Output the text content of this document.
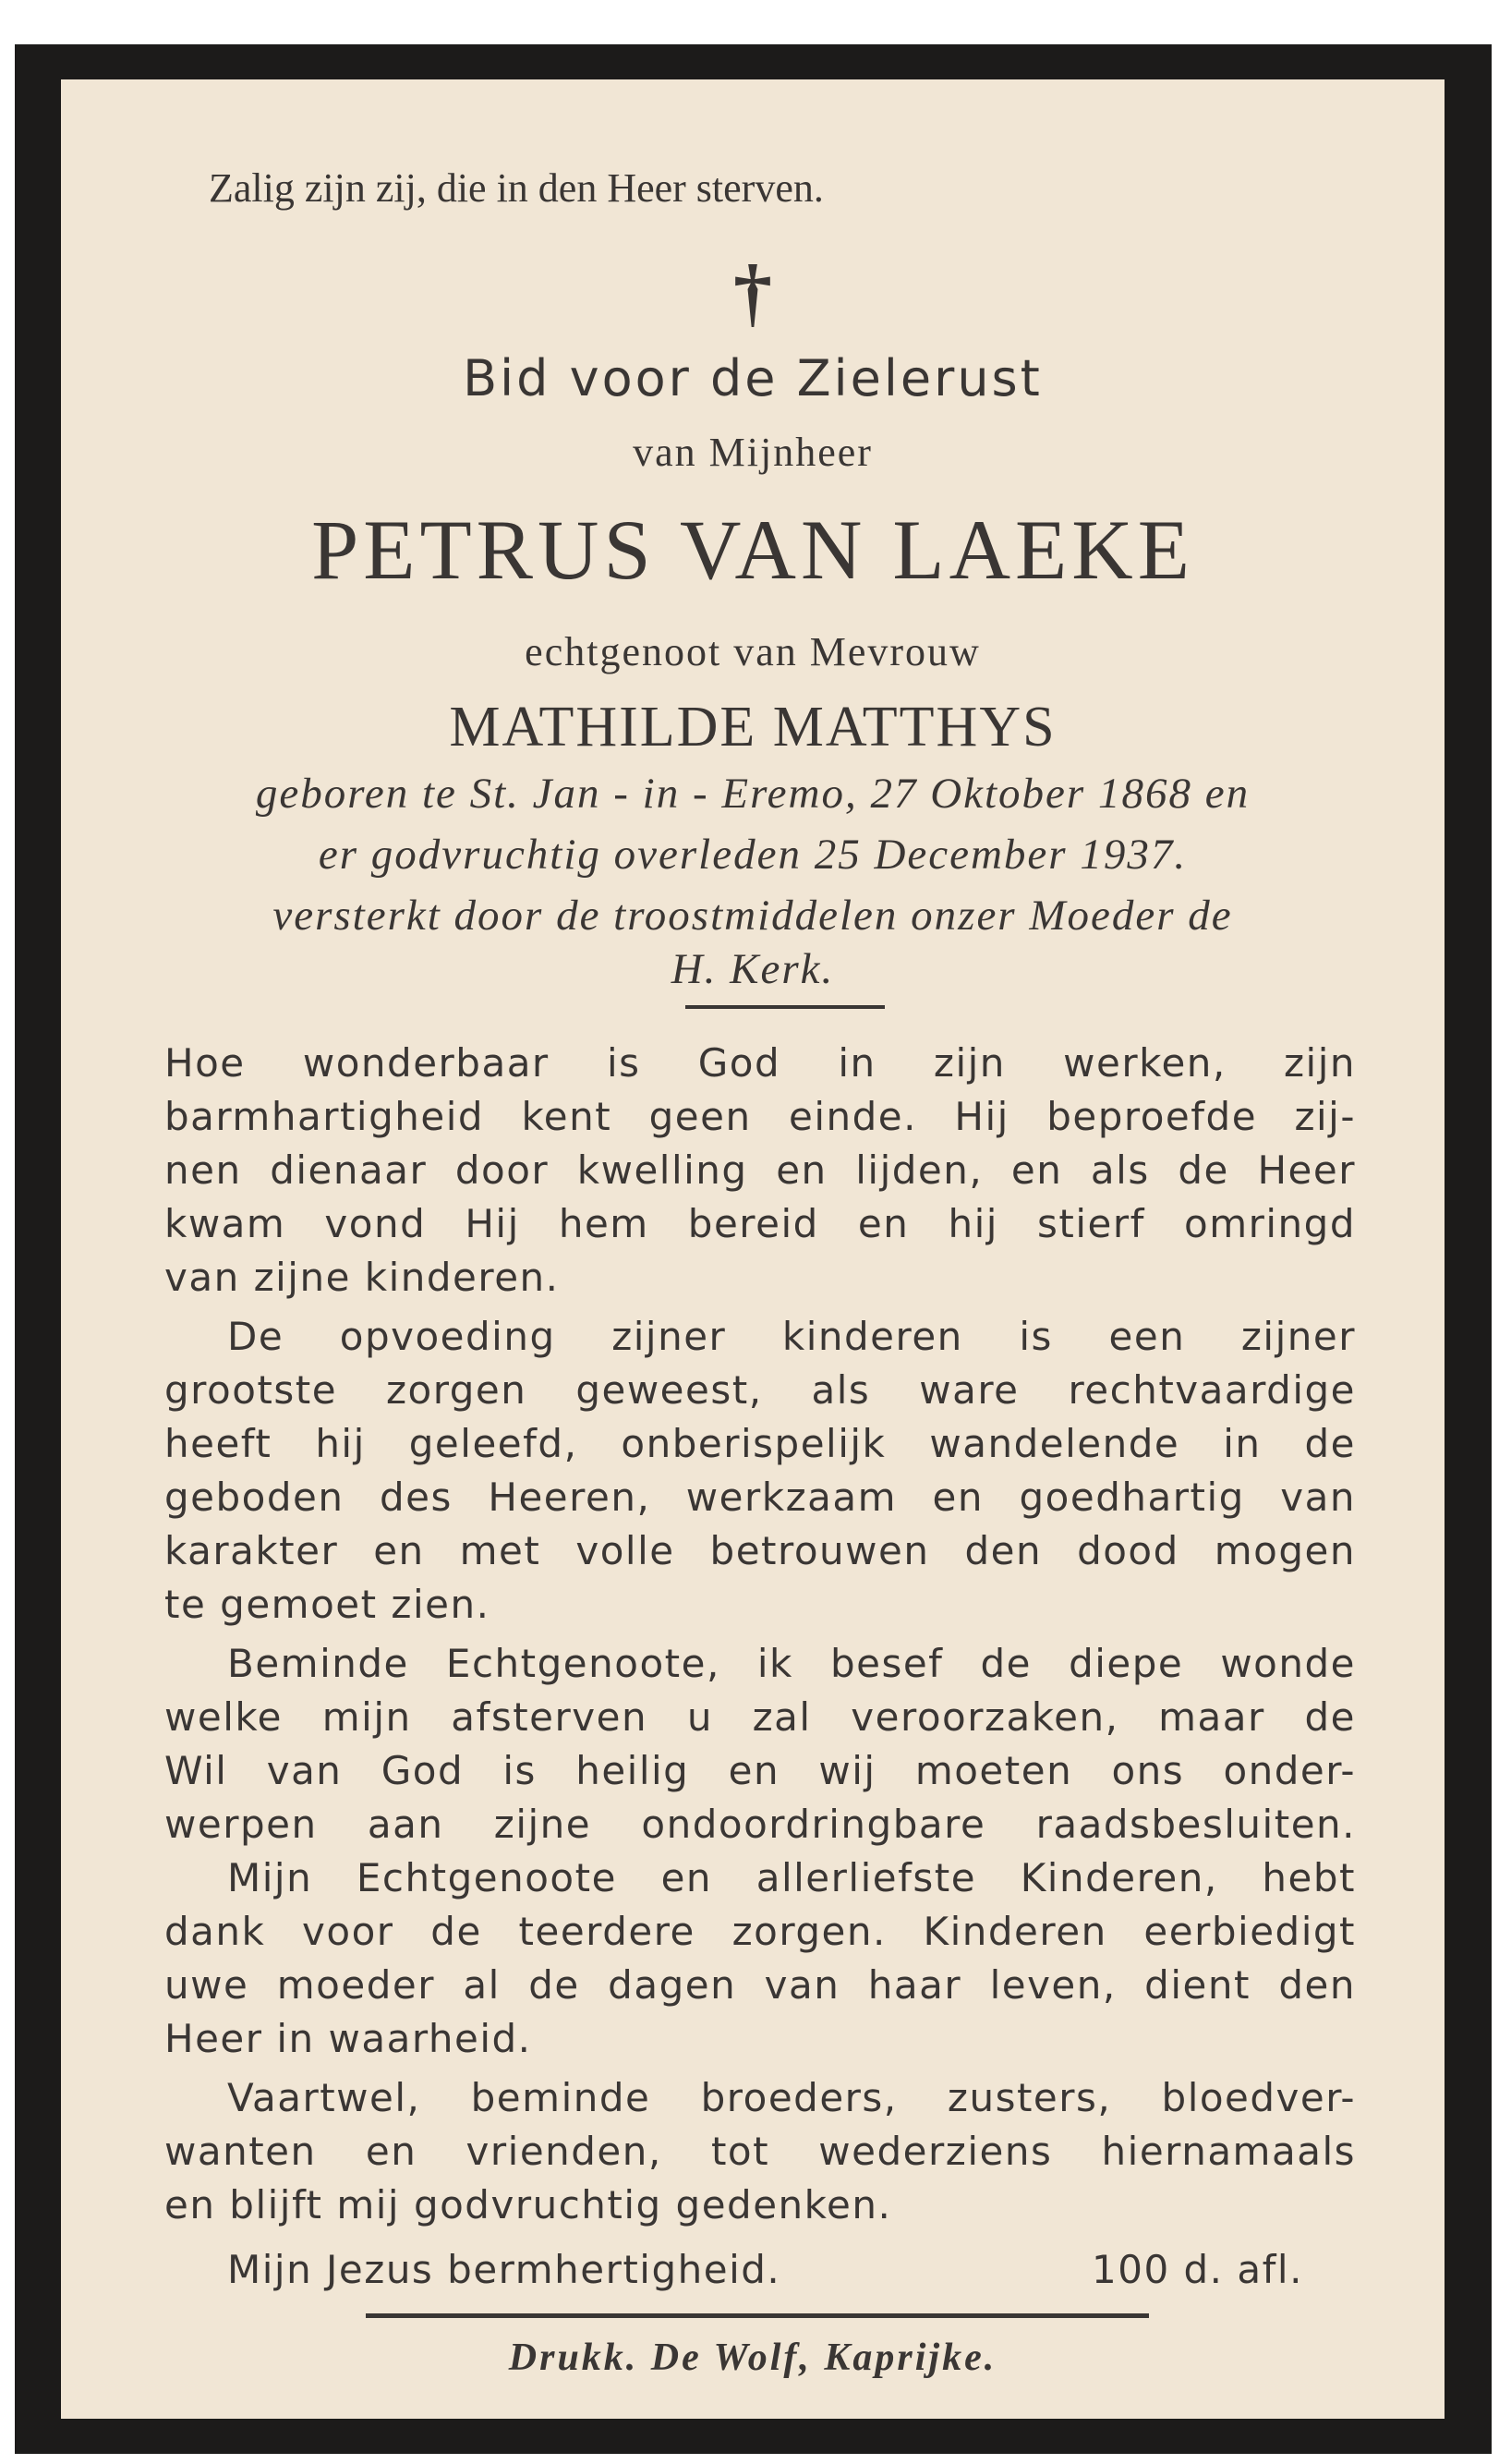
Zalig zijn zij, die in den Heer sterven.
†
Bid voor de Zielerust
van Mijnheer
PETRUS VAN LAEKE
echtgenoot van Mevrouw
MATHILDE MATTHYS
geboren te St. Jan - in - Eremo, 27 Oktober 1868 en
er godvruchtig overleden 25 December 1937.
versterkt door de troostmiddelen onzer Moeder de
H. Kerk.
Hoe wonderbaar is God in zijn werken, zijn
barmhartigheid kent geen einde. Hij beproefde zij-
nen dienaar door kwelling en lijden, en als de Heer
kwam vond Hij hem bereid en hij stierf omringd
van zijne kinderen.
De opvoeding zijner kinderen is een zijner
grootste zorgen geweest, als ware rechtvaardige
heeft hij geleefd, onberispelijk wandelende in de
geboden des Heeren, werkzaam en goedhartig van
karakter en met volle betrouwen den dood mogen
te gemoet zien.
Beminde Echtgenoote, ik besef de diepe wonde
welke mijn afsterven u zal veroorzaken, maar de
Wil van God is heilig en wij moeten ons onder-
werpen aan zijne ondoordringbare raadsbesluiten.
Mijn Echtgenoote en allerliefste Kinderen, hebt
dank voor de teerdere zorgen. Kinderen eerbiedigt
uwe moeder al de dagen van haar leven, dient den
Heer in waarheid.
Vaartwel, beminde broeders, zusters, bloedver-
wanten en vrienden, tot wederziens hiernamaals
en blijft mij godvruchtig gedenken.
Mijn Jezus bermhertigheid.	100 d. afl.
Drukk. De Wolf, Kaprijke.
